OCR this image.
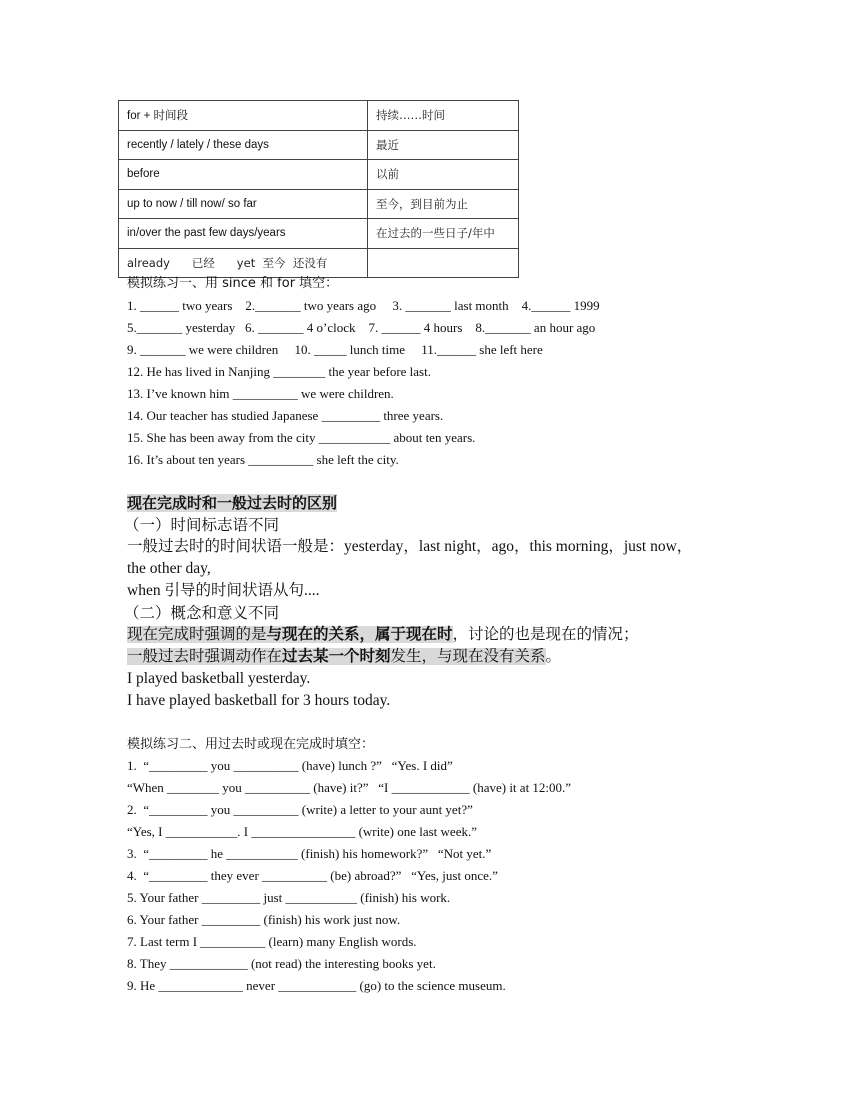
for + 时间段	持续……时间
recently / lately / these days	最近
before	以前
up to now / till now/ so far	至今，到目前为止
in/over the past few days/years	在过去的一些日子/年中
already      已经      yet  至今  还没有	
模拟练习一、用 since 和 for 填空：
1. ______ two years    2._______ two years ago     3. _______ last month    4.______ 1999
5._______ yesterday   6. _______ 4 o’clock    7. ______ 4 hours    8._______ an hour ago
9. _______ we were children     10. _____ lunch time     11.______ she left here
12. He has lived in Nanjing ________ the year before last.
13. I’ve known him __________ we were children.
14. Our teacher has studied Japanese _________ three years.
15. She has been away from the city ___________ about ten years.
16. It’s about ten years __________ she left the city.
现在完成时和一般过去时的区别
（一）时间标志语不同
一般过去时的时间状语一般是：yesterday，last night，ago，this morning，just now，
the other day,
when 引导的时间状语从句....
（二）概念和意义不同
现在完成时强调的是与现在的关系，属于现在时，讨论的也是现在的情况；
一般过去时强调动作在过去某一个时刻发生，与现在没有关系。
I played basketball yesterday.
I have played basketball for 3 hours today.
模拟练习二、用过去时或现在完成时填空：
1.  “_________ you __________ (have) lunch ?”   “Yes. I did”
“When ________ you __________ (have) it?”   “I ____________ (have) it at 12:00.”
2.  “_________ you __________ (write) a letter to your aunt yet?”
“Yes, I ___________. I ________________ (write) one last week.”
3.  “_________ he ___________ (finish) his homework?”   “Not yet.”
4.  “_________ they ever __________ (be) abroad?”   “Yes, just once.”
5. Your father _________ just ___________ (finish) his work.
6. Your father _________ (finish) his work just now.
7. Last term I __________ (learn) many English words.
8. They ____________ (not read) the interesting books yet.
9. He _____________ never ____________ (go) to the science museum.
